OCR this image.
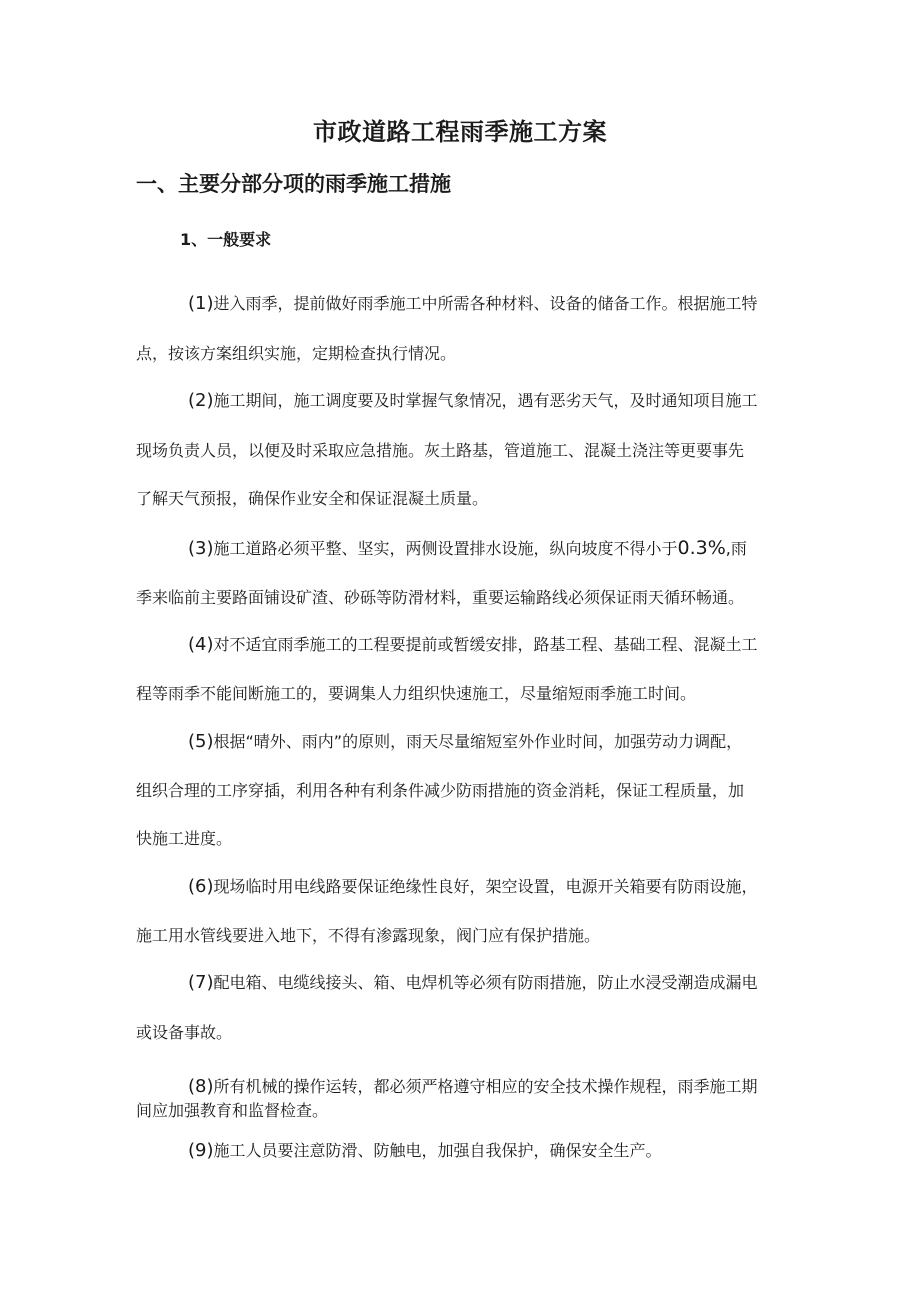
市政道路工程雨季施工方案
一、主要分部分项的雨季施工措施
1、一般要求
(1)进入雨季，提前做好雨季施工中所需各种材料、设备的储备工作。根据施工特
点，按该方案组织实施，定期检查执行情况。
(2)施工期间，施工调度要及时掌握气象情况，遇有恶劣天气，及时通知项目施工
现场负责人员，以便及时采取应急措施。灰土路基，管道施工、混凝土浇注等更要事先
了解天气预报，确保作业安全和保证混凝土质量。
(3)施工道路必须平整、坚实，两侧设置排水设施，纵向坡度不得小于0.3%,雨
季来临前主要路面铺设矿渣、砂砾等防滑材料，重要运输路线必须保证雨天循环畅通。
(4)对不适宜雨季施工的工程要提前或暂缓安排，路基工程、基础工程、混凝土工
程等雨季不能间断施工的，要调集人力组织快速施工，尽量缩短雨季施工时间。
(5)根据“晴外、雨内”的原则，雨天尽量缩短室外作业时间，加强劳动力调配，
组织合理的工序穿插，利用各种有利条件减少防雨措施的资金消耗，保证工程质量，加
快施工进度。
(6)现场临时用电线路要保证绝缘性良好，架空设置，电源开关箱要有防雨设施，
施工用水管线要进入地下，不得有渗露现象，阀门应有保护措施。
(7)配电箱、电缆线接头、箱、电焊机等必须有防雨措施，防止水浸受潮造成漏电
或设备事故。
(8)所有机械的操作运转，都必须严格遵守相应的安全技术操作规程，雨季施工期
间应加强教育和监督检查。
(9)施工人员要注意防滑、防触电，加强自我保护，确保安全生产。
